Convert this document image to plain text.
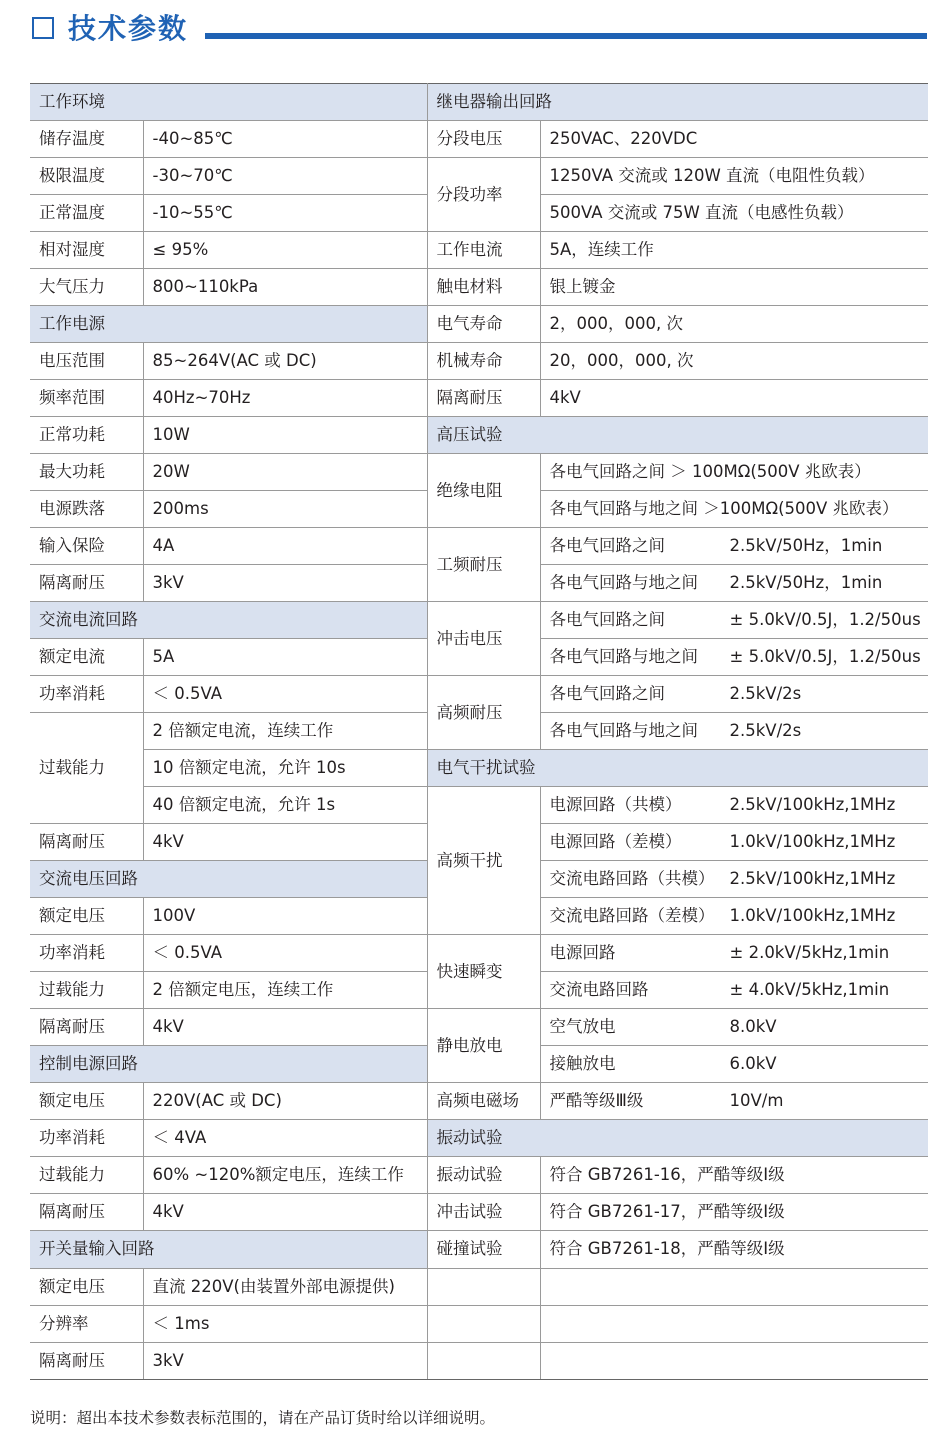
技术参数
工作环境		继电器输出回路	
储存温度	-40~85℃	分段电压	250VAC、220VDC
极限温度	-30~70℃	分段功率	1250VA 交流或 120W 直流（电阻性负载）
正常温度	-10~55℃		500VA 交流或 75W 直流（电感性负载）
相对湿度	≤ 95%	工作电流	5A，连续工作
大气压力	800~110kPa	触电材料	银上镀金
工作电源		电气寿命	2，000，000, 次
电压范围	85~264V(AC 或 DC)	机械寿命	20，000，000, 次
频率范围	40Hz~70Hz	隔离耐压	4kV
正常功耗	10W	高压试验	
最大功耗	20W	绝缘电阻	各电气回路之间 ＞ 100MΩ(500V 兆欧表）
电源跌落	200ms		各电气回路与地之间 ＞100MΩ(500V 兆欧表）
输入保险	4A	工频耐压	各电气回路之间 2.5kV/50Hz，1min

隔离耐压	3kV		各电气回路与地之间 2.5kV/50Hz，1min

交流电流回路		冲击电压	各电气回路之间 ± 5.0kV/0.5J，1.2/50us

额定电流	5A		各电气回路与地之间 ± 5.0kV/0.5J，1.2/50us

功率消耗	＜ 0.5VA	高频耐压	各电气回路之间 2.5kV/2s

过载能力	2 倍额定电流，连续工作		各电气回路与地之间 2.5kV/2s

	10 倍额定电流，允许 10s	电气干扰试验	
	40 倍额定电流，允许 1s	高频干扰	电源回路（共模） 2.5kV/100kHz,1MHz

隔离耐压	4kV		电源回路（差模） 1.0kV/100kHz,1MHz

交流电压回路			交流电路回路（共模） 2.5kV/100kHz,1MHz

额定电压	100V		交流电路回路（差模） 1.0kV/100kHz,1MHz

功率消耗	＜ 0.5VA	快速瞬变	电源回路 ± 2.0kV/5kHz,1min

过载能力	2 倍额定电压，连续工作		交流电路回路 ± 4.0kV/5kHz,1min

隔离耐压	4kV	静电放电	空气放电 8.0kV

控制电源回路			接触放电 6.0kV

额定电压	220V(AC 或 DC)	高频电磁场	严酷等级Ⅲ级 10V/m

功率消耗	＜ 4VA	振动试验	
过载能力	60% ~120%额定电压，连续工作	振动试验	符合 GB7261-16，严酷等级Ⅰ级
隔离耐压	4kV	冲击试验	符合 GB7261-17，严酷等级Ⅰ级
开关量输入回路		碰撞试验	符合 GB7261-18，严酷等级Ⅰ级
额定电压	直流 220V(由装置外部电源提供)		
分辨率	＜ 1ms		
隔离耐压	3kV		
说明：超出本技术参数表标范围的，请在产品订货时给以详细说明。
